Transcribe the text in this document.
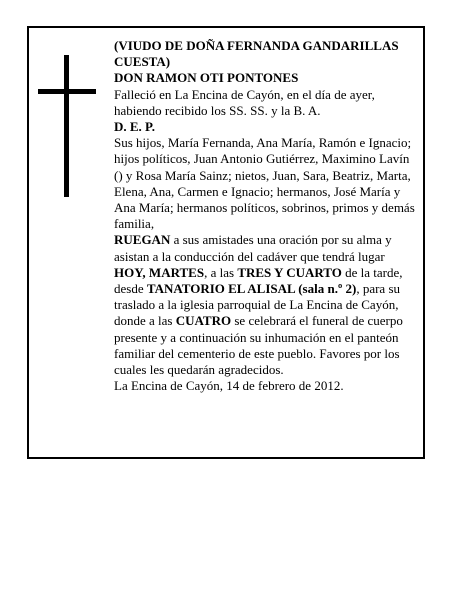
(VIUDO DE DOÑA FERNANDA GANDARILLAS CUESTA)

DON RAMON OTI PONTONES

Falleció en La Encina de Cayón, en el día de ayer, habiendo recibido los SS. SS. y la B. A.

D. E. P.

Sus hijos, María Fernanda, Ana María, Ramón e Ignacio; hijos políticos, Juan Antonio Gutiérrez, Maximino Lavín () y Rosa María Sainz; nietos, Juan, Sara, Beatriz, Marta, Elena, Ana, Carmen e Ignacio; hermanos, José María y Ana María; hermanos políticos, sobrinos, primos y demás familia,

RUEGAN a sus amistades una oración por su alma y asistan a la conducción del cadáver que tendrá lugar HOY, MARTES, a las TRES Y CUARTO de la tarde, desde TANATORIO EL ALISAL (sala n.º 2), para su traslado a la iglesia parroquial de La Encina de Cayón, donde a las CUATRO se celebrará el funeral de cuerpo presente y a continuación su inhumación en el panteón familiar del cementerio de este pueblo. Favores por los cuales les quedarán agradecidos.

La Encina de Cayón, 14 de febrero de 2012.
